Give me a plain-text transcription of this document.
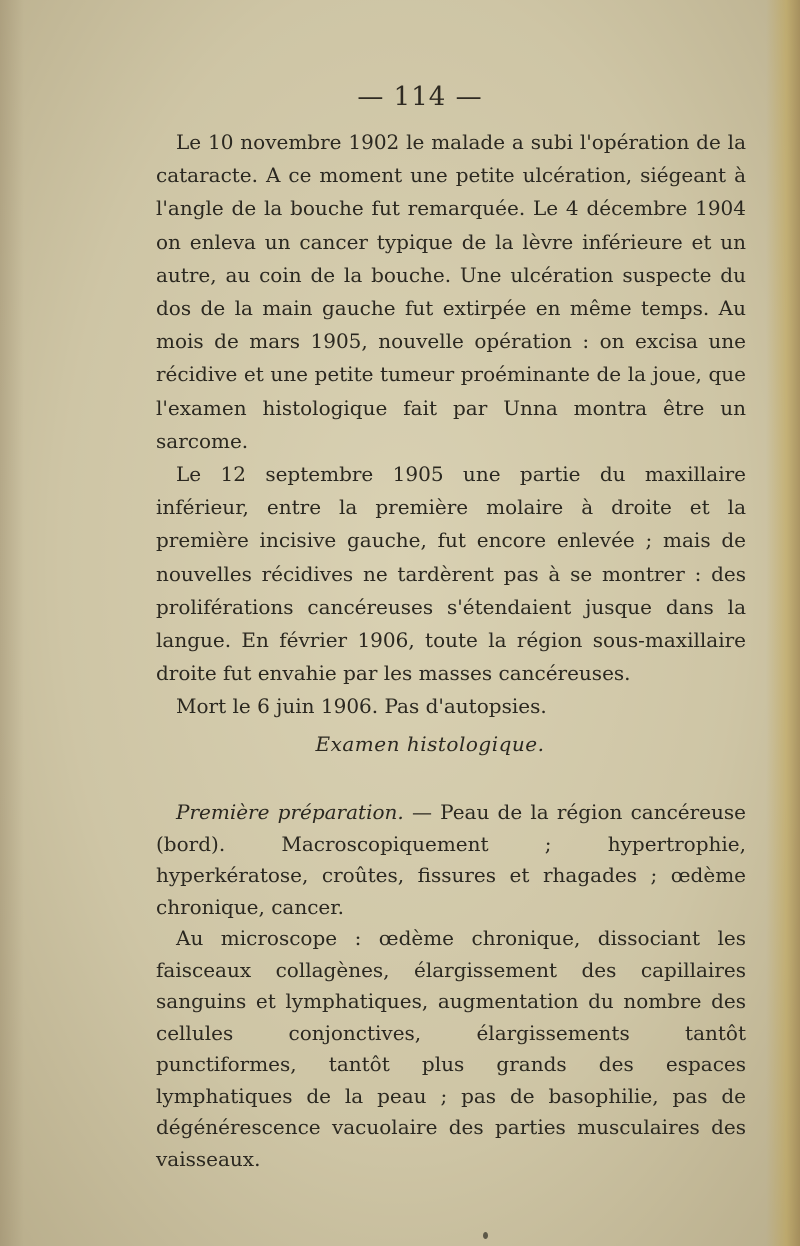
— 114 —

Le 10 novembre 1902 le malade a subi l'opération de la cataracte. A ce moment une petite ulcération, siégeant à l'angle de la bouche fut remarquée. Le 4 décembre 1904 on enleva un cancer typique de la lèvre inférieure et un autre, au coin de la bouche. Une ulcération suspecte du dos de la main gauche fut extirpée en même temps. Au mois de mars 1905, nouvelle opération : on excisa une récidive et une petite tumeur proéminante de la joue, que l'examen histologique fait par Unna montra être un sarcome.

Le 12 septembre 1905 une partie du maxillaire inférieur, entre la première molaire à droite et la première incisive gauche, fut encore enlevée ; mais de nouvelles récidives ne tardèrent pas à se montrer : des proliférations cancéreuses s'étendaient jusque dans la langue. En février 1906, toute la région sous-maxillaire droite fut envahie par les masses cancéreuses.

Mort le 6 juin 1906. Pas d'autopsies.

Examen histologique.

Première préparation. — Peau de la région cancéreuse (bord). Macroscopiquement ; hypertrophie, hyperkératose, croûtes, fissures et rhagades ; œdème chronique, cancer.

Au microscope : œdème chronique, dissociant les faisceaux collagènes, élargissement des capillaires sanguins et lymphatiques, augmentation du nombre des cellules conjonctives, élargissements tantôt punctiformes, tantôt plus grands des espaces lymphatiques de la peau ; pas de basophilie, pas de dégénérescence vacuolaire des parties musculaires des vaisseaux.
